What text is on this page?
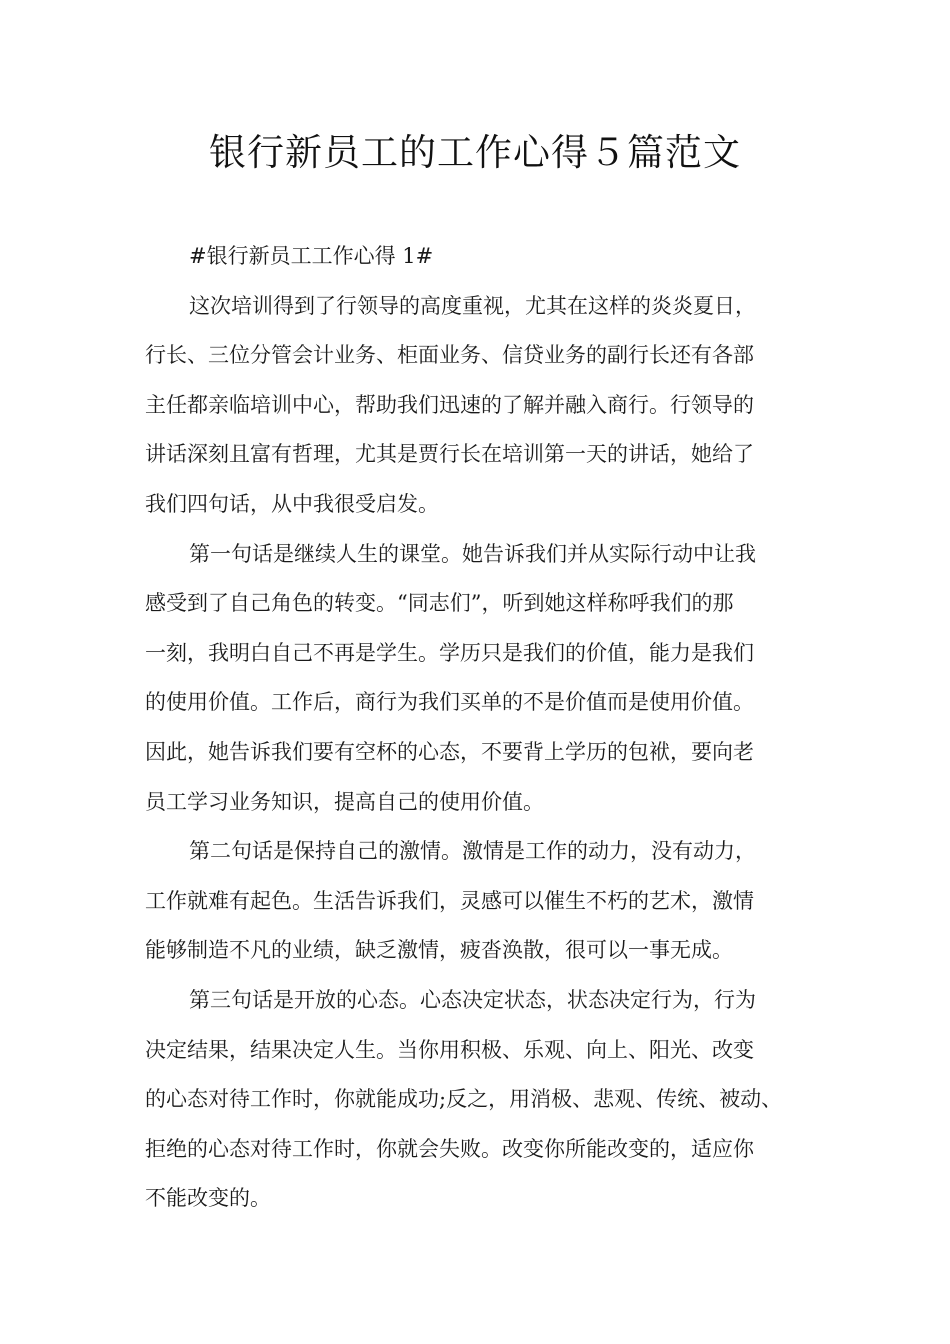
银行新员工的工作心得５篇范文
#银行新员工工作心得 1#
这次培训得到了行领导的高度重视，尤其在这样的炎炎夏日，
行长、三位分管会计业务、柜面业务、信贷业务的副行长还有各部
主任都亲临培训中心，帮助我们迅速的了解并融入商行。行领导的
讲话深刻且富有哲理，尤其是贾行长在培训第一天的讲话，她给了
我们四句话，从中我很受启发。
第一句话是继续人生的课堂。她告诉我们并从实际行动中让我
感受到了自己角色的转变。“同志们”，听到她这样称呼我们的那
一刻，我明白自己不再是学生。学历只是我们的价值，能力是我们
的使用价值。工作后，商行为我们买单的不是价值而是使用价值。
因此，她告诉我们要有空杯的心态，不要背上学历的包袱，要向老
员工学习业务知识，提高自己的使用价值。
第二句话是保持自己的激情。激情是工作的动力，没有动力，
工作就难有起色。生活告诉我们，灵感可以催生不朽的艺术，激情
能够制造不凡的业绩，缺乏激情，疲沓涣散，很可以一事无成。
第三句话是开放的心态。心态决定状态，状态决定行为，行为
决定结果，结果决定人生。当你用积极、乐观、向上、阳光、改变
的心态对待工作时，你就能成功;反之，用消极、悲观、传统、被动、
拒绝的心态对待工作时，你就会失败。改变你所能改变的，适应你
不能改变的。
